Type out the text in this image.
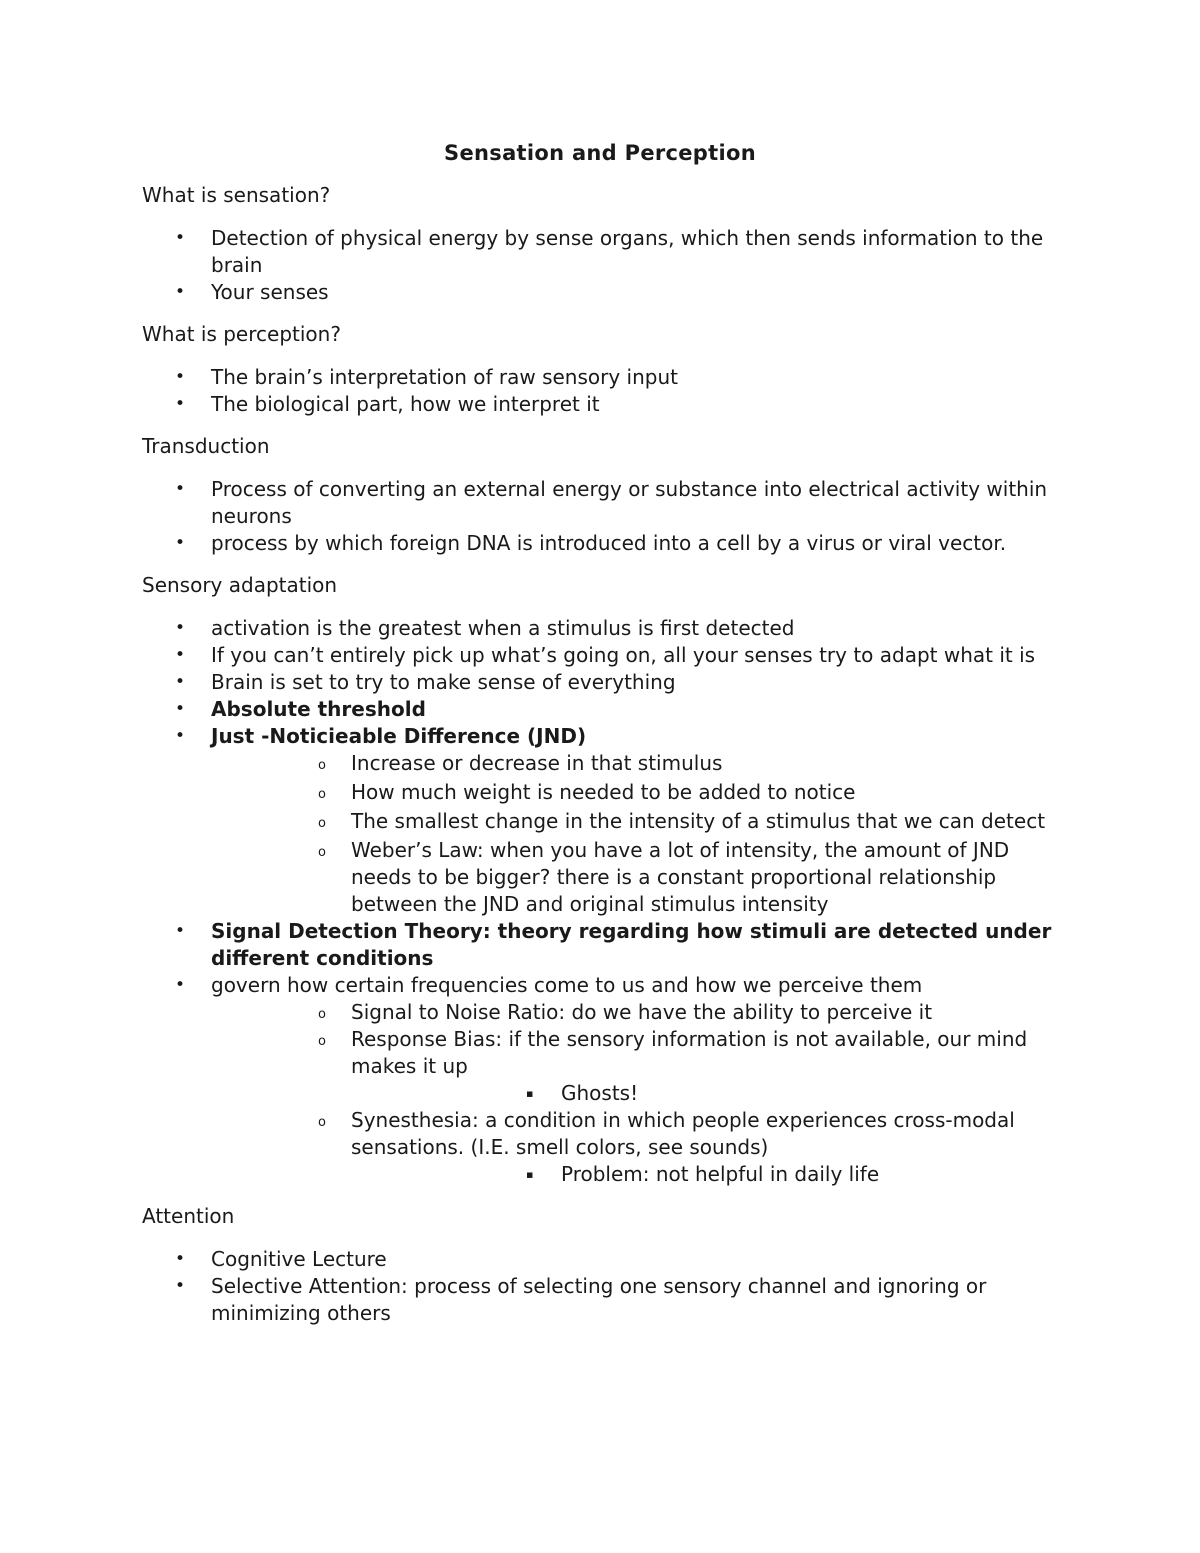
Sensation and Perception

What is sensation?

• Detection of physical energy by sense organs, which then sends information to the brain
• Your senses

What is perception?

• The brain’s interpretation of raw sensory input
• The biological part, how we interpret it

Transduction

• Process of converting an external energy or substance into electrical activity within neurons
• process by which foreign DNA is introduced into a cell by a virus or viral vector.

Sensory adaptation

• activation is the greatest when a stimulus is first detected
• If you can’t entirely pick up what’s going on, all your senses try to adapt what it is
• Brain is set to try to make sense of everything
• Absolute threshold
• Just -Noticieable Difference (JND)
o Increase or decrease in that stimulus
o How much weight is needed to be added to notice
o The smallest change in the intensity of a stimulus that we can detect
o Weber’s Law: when you have a lot of intensity, the amount of JND needs to be bigger? there is a constant proportional relationship between the JND and original stimulus intensity
• Signal Detection Theory: theory regarding how stimuli are detected under different conditions
• govern how certain frequencies come to us and how we perceive them
o Signal to Noise Ratio: do we have the ability to perceive it
o Response Bias: if the sensory information is not available, our mind makes it up
▪ Ghosts!
o Synesthesia: a condition in which people experiences cross-modal sensations. (I.E. smell colors, see sounds)
▪ Problem: not helpful in daily life

Attention

• Cognitive Lecture
• Selective Attention: process of selecting one sensory channel and ignoring or minimizing others
